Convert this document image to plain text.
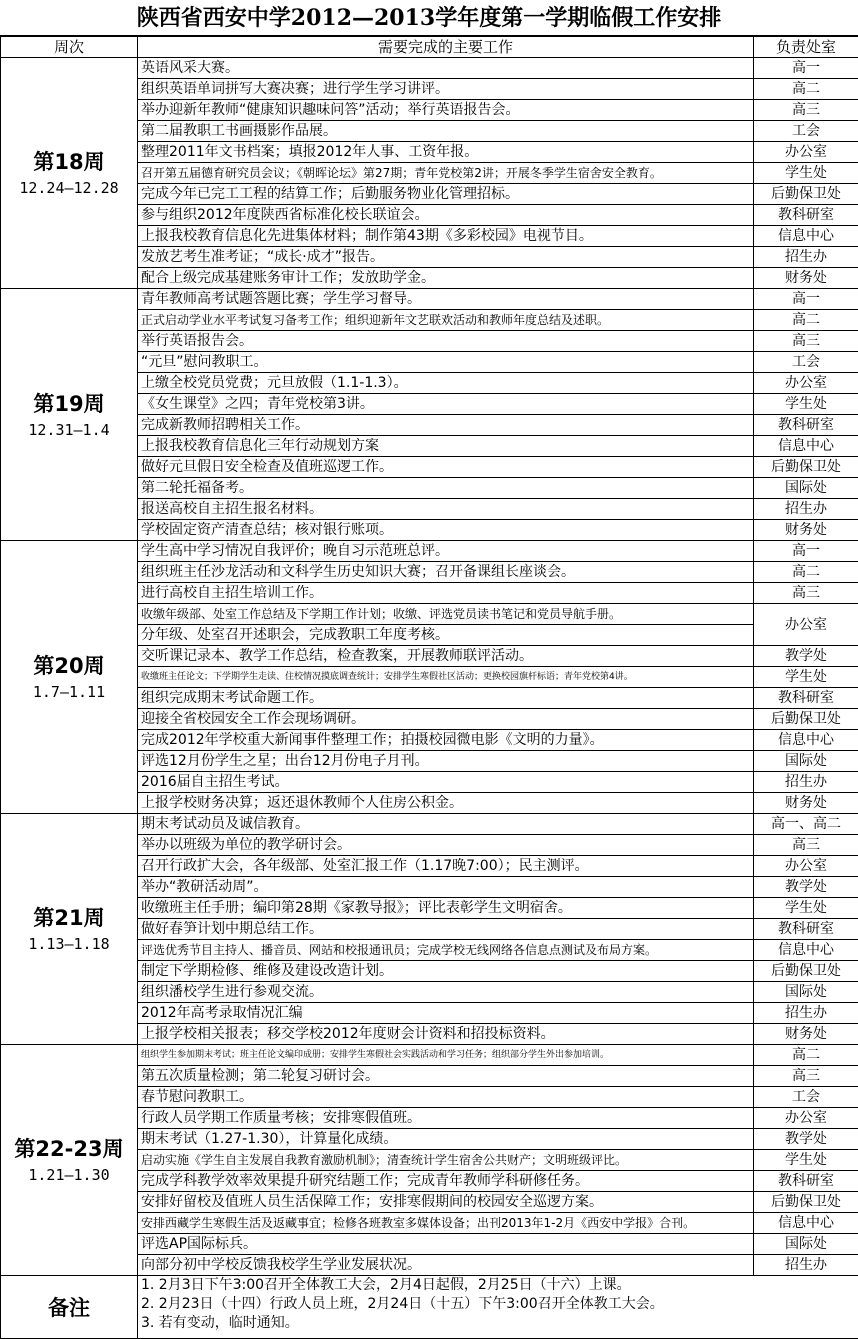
陕西省西安中学2012—2013学年度第一学期临假工作安排
周次	需要完成的主要工作	负责处室

第18周
12.24—12.28	英语风采大赛。	高一
	组织英语单词拼写大赛决赛；进行学生学习讲评。	高二
	举办迎新年教师“健康知识趣味问答”活动；举行英语报告会。	高三
	第二届教职工书画摄影作品展。	工会
	整理2011年文书档案；填报2012年人事、工资年报。	办公室
	召开第五届德育研究员会议；《朝晖论坛》第27期；青年党校第2讲；开展冬季学生宿舍安全教育。	学生处
	完成今年已完工工程的结算工作；后勤服务物业化管理招标。	后勤保卫处
	参与组织2012年度陕西省标准化校长联谊会。	教科研室
	上报我校教育信息化先进集体材料；制作第43期《多彩校园》电视节目。	信息中心
	发放艺考生准考证；“成长·成才”报告。	招生办
	配合上级完成基建账务审计工作；发放助学金。	财务处

第19周
12.31—1.4	青年教师高考试题答题比赛；学生学习督导。	高一
	正式启动学业水平考试复习备考工作；组织迎新年文艺联欢活动和教师年度总结及述职。	高二
	举行英语报告会。	高三
	“元旦”慰问教职工。	工会
	上缴全校党员党费；元旦放假（1.1-1.3）。	办公室
	《女生课堂》之四；青年党校第3讲。	学生处
	完成新教师招聘相关工作。	教科研室
	上报我校教育信息化三年行动规划方案	信息中心
	做好元旦假日安全检查及值班巡逻工作。	后勤保卫处
	第二轮托福备考。	国际处
	报送高校自主招生报名材料。	招生办
	学校固定资产清查总结；核对银行账项。	财务处

第20周
1.7—1.11	学生高中学习情况自我评价；晚自习示范班总评。	高一
	组织班主任沙龙活动和文科学生历史知识大赛；召开备课组长座谈会。	高二
	进行高校自主招生培训工作。	高三
	收缴年级部、处室工作总结及下学期工作计划；收缴、评选党员读书笔记和党员导航手册。	办公室
	分年级、处室召开述职会，完成教职工年度考核。	
	交听课记录本、教学工作总结，检查教案，开展教师联评活动。	教学处
	收缴班主任论文；下学期学生走读、住校情况摸底调查统计；安排学生寒假社区活动；更换校园旗杆标语；青年党校第4讲。	学生处
	组织完成期末考试命题工作。	教科研室
	迎接全省校园安全工作会现场调研。	后勤保卫处
	完成2012年学校重大新闻事件整理工作；拍摄校园微电影《文明的力量》。	信息中心
	评选12月份学生之星；出台12月份电子月刊。	国际处
	2016届自主招生考试。	招生办
	上报学校财务决算；返还退休教师个人住房公积金。	财务处

第21周
1.13—1.18	期末考试动员及诚信教育。	高一、高二
	举办以班级为单位的教学研讨会。	高三
	召开行政扩大会，各年级部、处室汇报工作（1.17晚7:00）；民主测评。	办公室
	举办“教研活动周”。	教学处
	收缴班主任手册；编印第28期《家教导报》；评比表彰学生文明宿舍。	学生处
	做好春笋计划中期总结工作。	教科研室
	评选优秀节目主持人、播音员、网站和校报通讯员；完成学校无线网络各信息点测试及布局方案。	信息中心
	制定下学期检修、维修及建设改造计划。	后勤保卫处
	组织潘校学生进行参观交流。	国际处
	2012年高考录取情况汇编	招生办
	上报学校相关报表；移交学校2012年度财会计资料和招投标资料。	财务处

第22-23周
1.21—1.30	组织学生参加期末考试；班主任论文编印成册；安排学生寒假社会实践活动和学习任务；组织部分学生外出参加培训。	高二
	第五次质量检测；第二轮复习研讨会。	高三
	春节慰问教职工。	工会
	行政人员学期工作质量考核；安排寒假值班。	办公室
	期末考试（1.27-1.30），计算量化成绩。	教学处
	启动实施《学生自主发展自我教育激励机制》；清查统计学生宿舍公共财产；文明班级评比。	学生处
	完成学科教学效率效果提升研究结题工作；完成青年教师学科研修任务。	教科研室
	安排好留校及值班人员生活保障工作；安排寒假期间的校园安全巡逻方案。	后勤保卫处
	安排西藏学生寒假生活及返藏事宜；检修各班教室多媒体设备；出刊2013年1-2月《西安中学报》合刊。	信息中心
	评选AP国际标兵。	国际处
	向部分初中学校反馈我校学生学业发展状况。	招生办
备注	1. 2月3日下午3:00召开全体教工大会，2月4日起假，2月25日（十六）上课。
2. 2月23日（十四）行政人员上班，2月24日（十五）下午3:00召开全体教工大会。
3. 若有变动，临时通知。	
